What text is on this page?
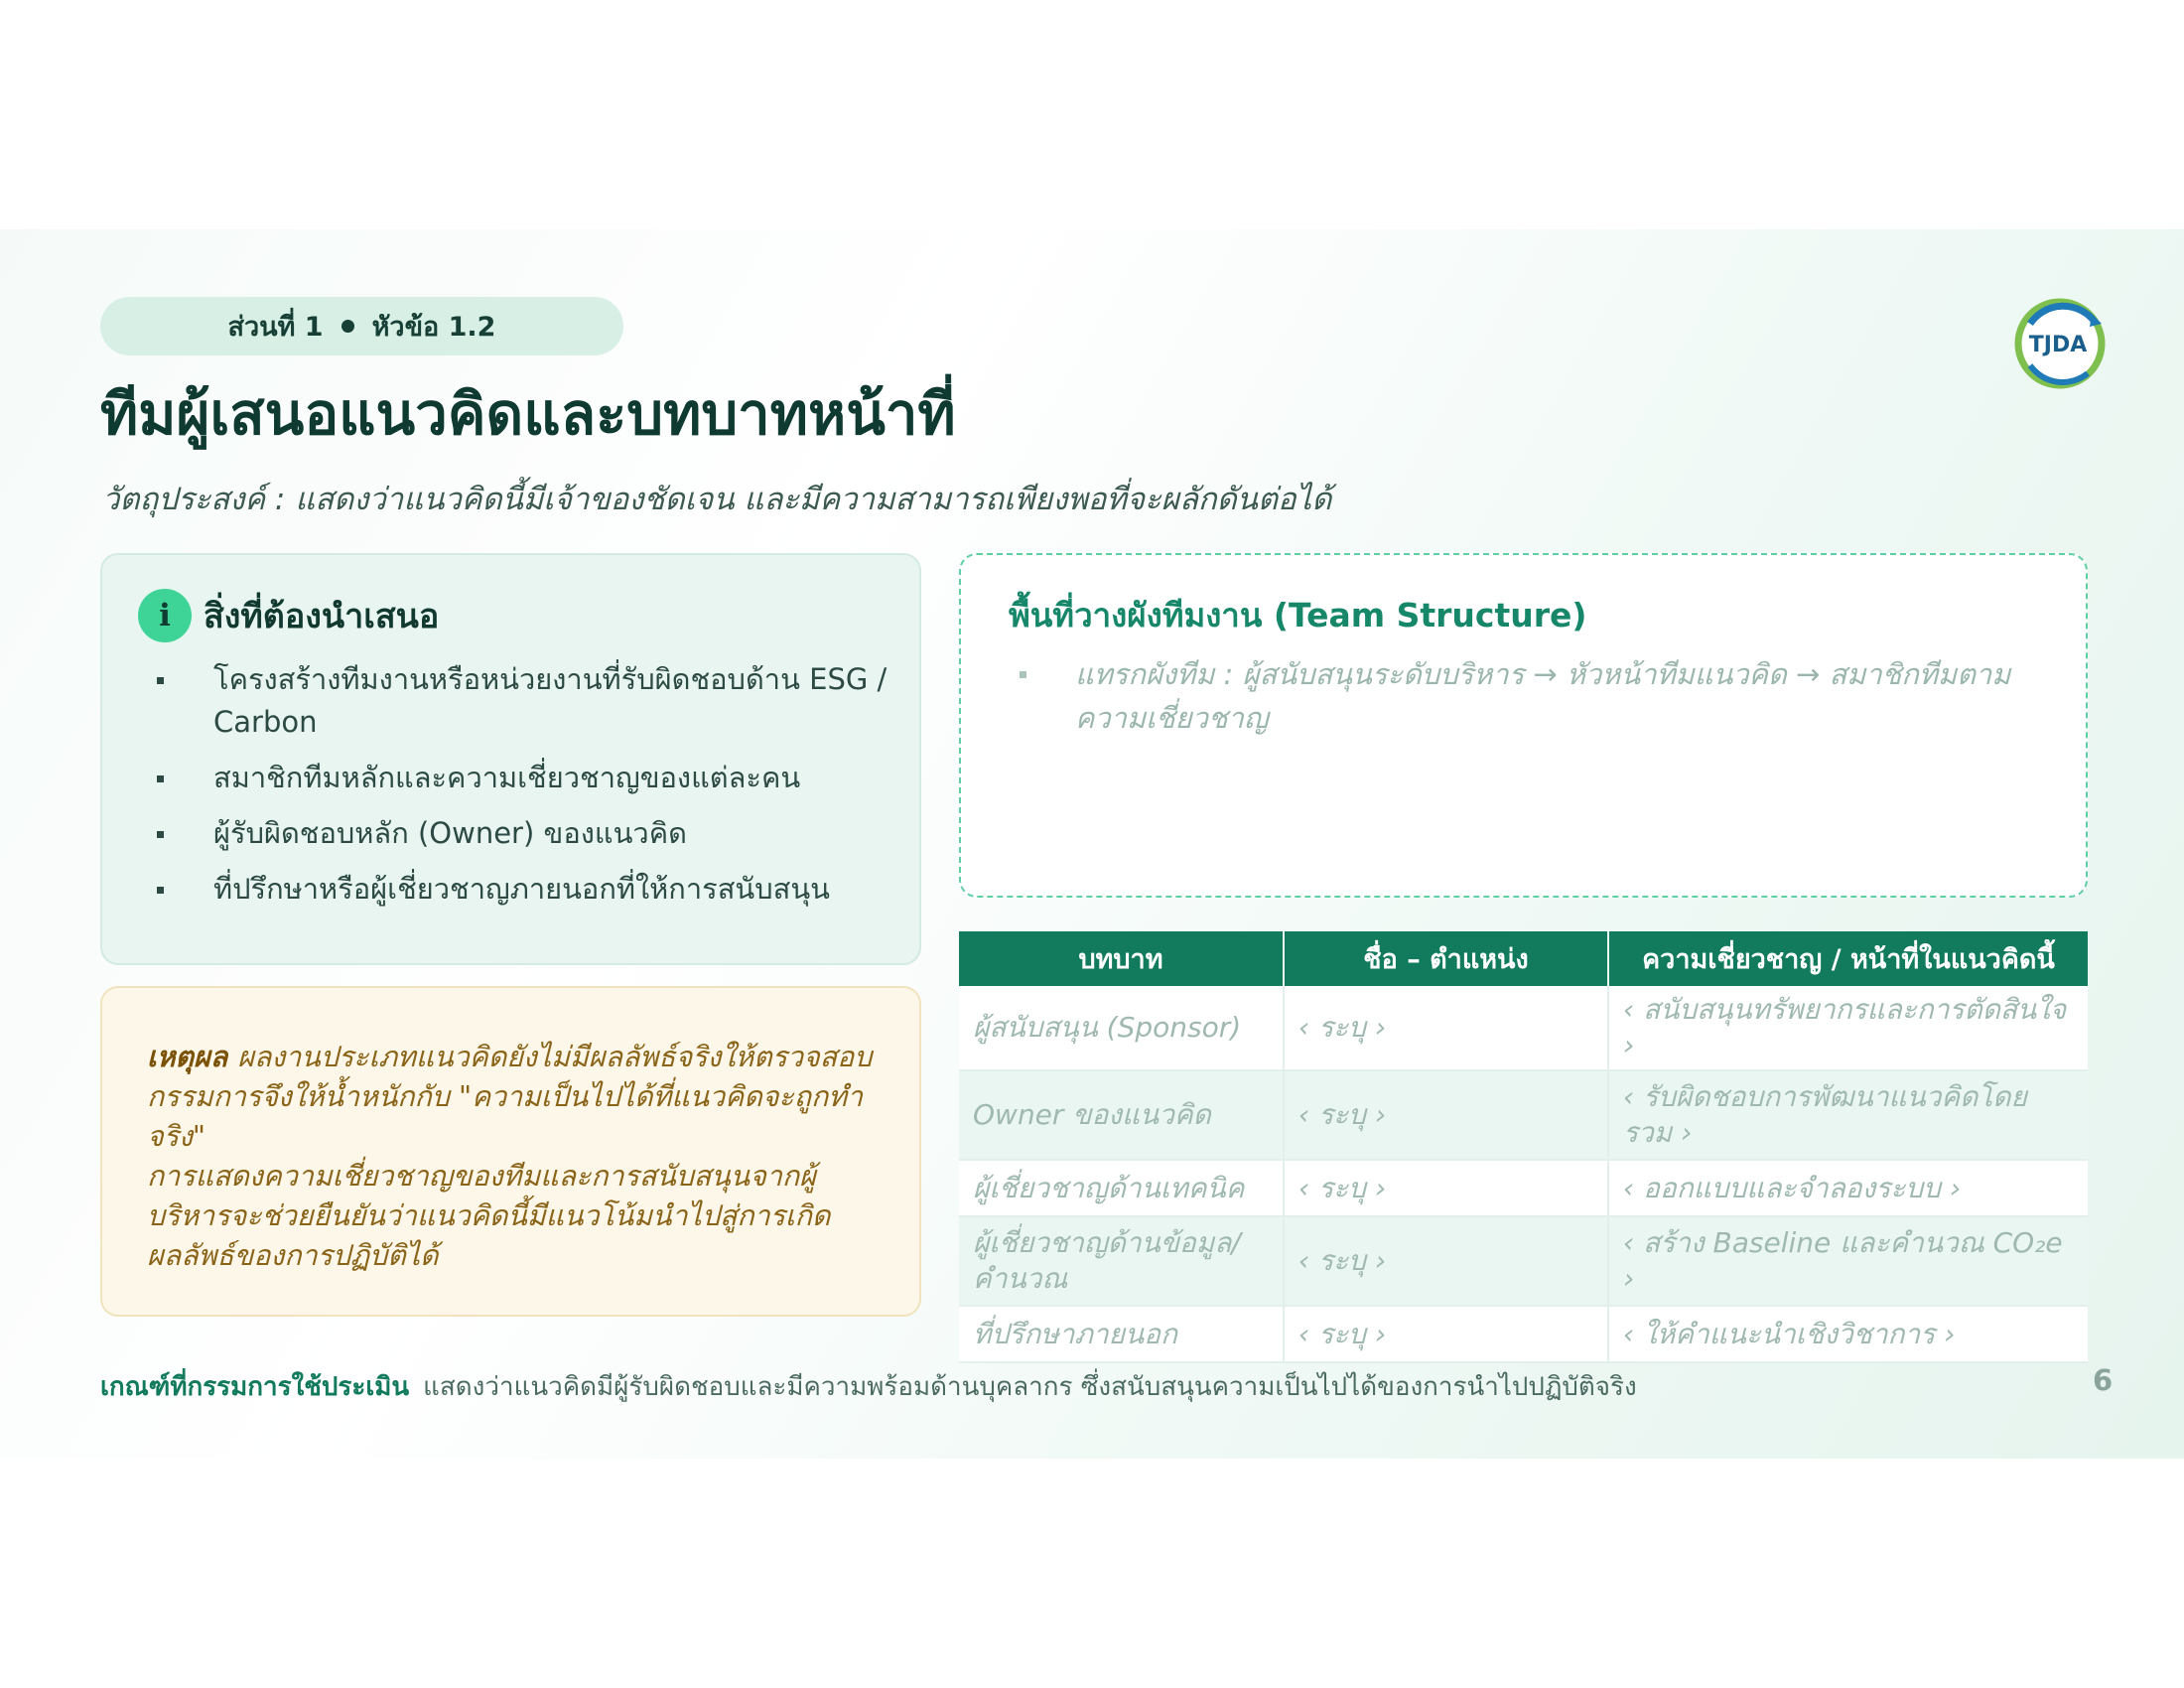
ส่วนที่ 1 หัวข้อ 1.2
TJDA
ทีมผู้เสนอแนวคิดและบทบาทหน้าที่
วัตถุประสงค์ : แสดงว่าแนวคิดนี้มีเจ้าของชัดเจน และมีความสามารถเพียงพอที่จะผลักดันต่อได้
i สิ่งที่ต้องนำเสนอ
โครงสร้างทีมงานหรือหน่วยงานที่รับผิดชอบด้าน ESG / Carbon
สมาชิกทีมหลักและความเชี่ยวชาญของแต่ละคน
ผู้รับผิดชอบหลัก (Owner) ของแนวคิด
ที่ปรึกษาหรือผู้เชี่ยวชาญภายนอกที่ให้การสนับสนุน
เหตุผล ผลงานประเภทแนวคิดยังไม่มีผลลัพธ์จริงให้ตรวจสอบ กรรมการจึงให้น้ำหนักกับ "ความเป็นไปได้ที่แนวคิดจะถูกทำจริง"
การแสดงความเชี่ยวชาญของทีมและการสนับสนุนจากผู้บริหารจะช่วยยืนยันว่าแนวคิดนี้มีแนวโน้มนำไปสู่การเกิดผลลัพธ์ของการปฏิบัติได้
พื้นที่วางผังทีมงาน (Team Structure)
แทรกผังทีม : ผู้สนับสนุนระดับบริหาร → หัวหน้าทีมแนวคิด → สมาชิกทีมตามความเชี่ยวชาญ
บทบาท	ชื่อ – ตำแหน่ง	ความเชี่ยวชาญ / หน้าที่ในแนวคิดนี้
ผู้สนับสนุน (Sponsor)	‹ ระบุ ›	‹ สนับสนุนทรัพยากรและการตัดสินใจ ›
Owner ของแนวคิด	‹ ระบุ ›	‹ รับผิดชอบการพัฒนาแนวคิดโดยรวม ›
ผู้เชี่ยวชาญด้านเทคนิค	‹ ระบุ ›	‹ ออกแบบและจำลองระบบ ›
ผู้เชี่ยวชาญด้านข้อมูล/คำนวณ	‹ ระบุ ›	‹ สร้าง Baseline และคำนวณ CO₂e ›
ที่ปรึกษาภายนอก	‹ ระบุ ›	‹ ให้คำแนะนำเชิงวิชาการ ›
เกณฑ์ที่กรรมการใช้ประเมิน แสดงว่าแนวคิดมีผู้รับผิดชอบและมีความพร้อมด้านบุคลากร ซึ่งสนับสนุนความเป็นไปได้ของการนำไปปฏิบัติจริง	6
